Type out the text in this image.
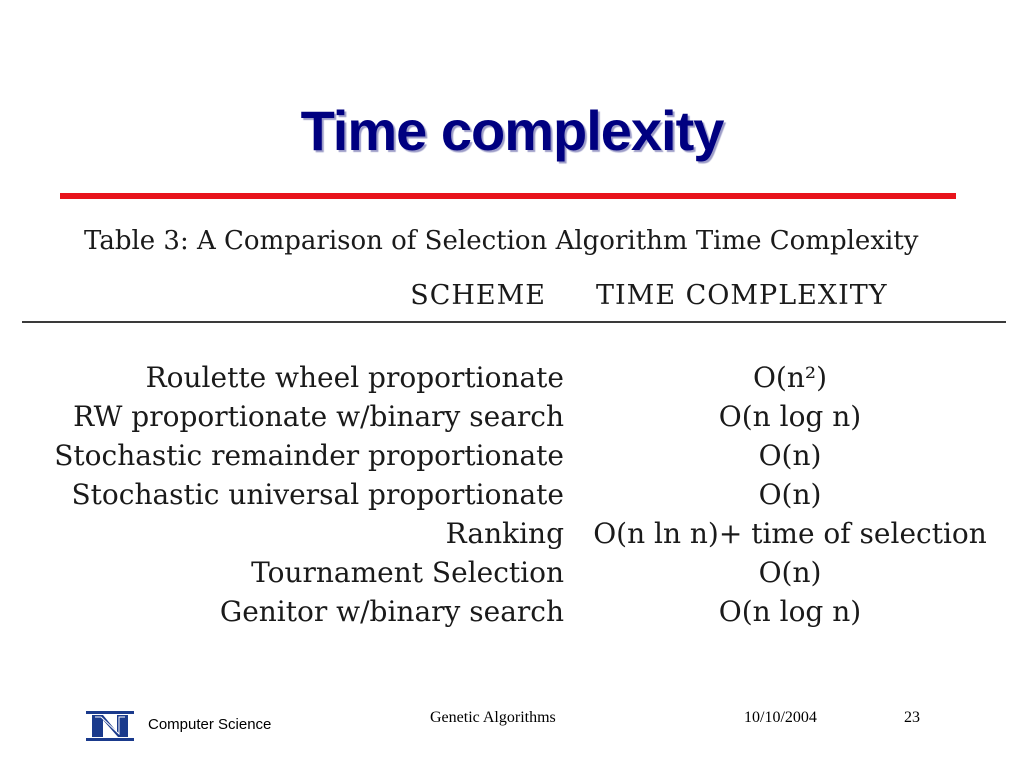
Time complexity
Table 3: A Comparison of Selection Algorithm Time Complexity
SCHEME TIME COMPLEXITY
Roulette wheel proportionate	O(n²)
RW proportionate w/binary search	O(n log n)
Stochastic remainder proportionate	O(n)
Stochastic universal proportionate	O(n)
Ranking	O(n ln n)+ time of selection
Tournament Selection	O(n)
Genitor w/binary search	O(n log n)
Computer Science	Genetic Algorithms	10/10/2004	23
